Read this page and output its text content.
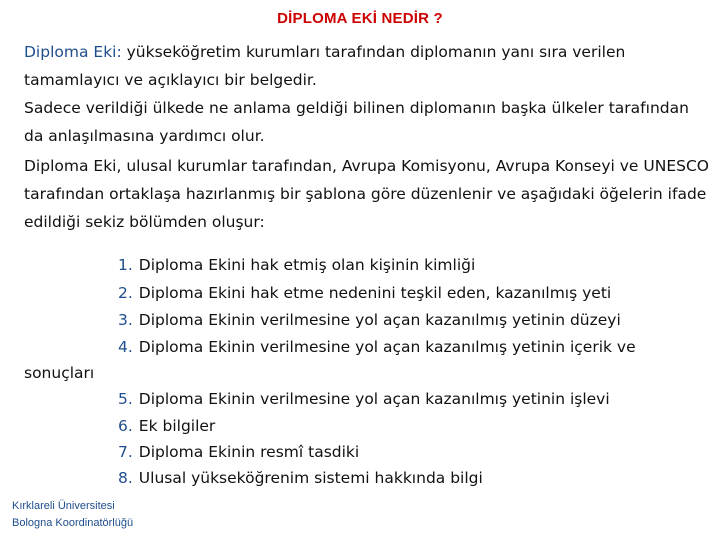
DİPLOMA EKİ NEDİR ?
Diploma Eki: yükseköğretim kurumları tarafından diplomanın yanı sıra verilen tamamlayıcı ve açıklayıcı bir belgedir.
Sadece verildiği ülkede ne anlama geldiği bilinen diplomanın başka ülkeler tarafından da anlaşılmasına yardımcı olur.
Diploma Eki, ulusal kurumlar tarafından, Avrupa Komisyonu, Avrupa Konseyi ve UNESCO tarafından ortaklaşa hazırlanmış bir şablona göre düzenlenir ve aşağıdaki öğelerin ifade edildiği sekiz bölümden oluşur:
1. Diploma Ekini hak etmiş olan kişinin kimliği
2. Diploma Ekini hak etme nedenini teşkil eden, kazanılmış yeti
3. Diploma Ekinin verilmesine yol açan kazanılmış yetinin düzeyi
4. Diploma Ekinin verilmesine yol açan kazanılmış yetinin içerik ve
5. Diploma Ekinin verilmesine yol açan kazanılmış yetinin işlevi
6. Ek bilgiler
7. Diploma Ekinin resmî tasdiki
8. Ulusal yükseköğrenim sistemi hakkında bilgi
sonuçları
Kırklareli Üniversitesi
Bologna Koordinatörlüğü
